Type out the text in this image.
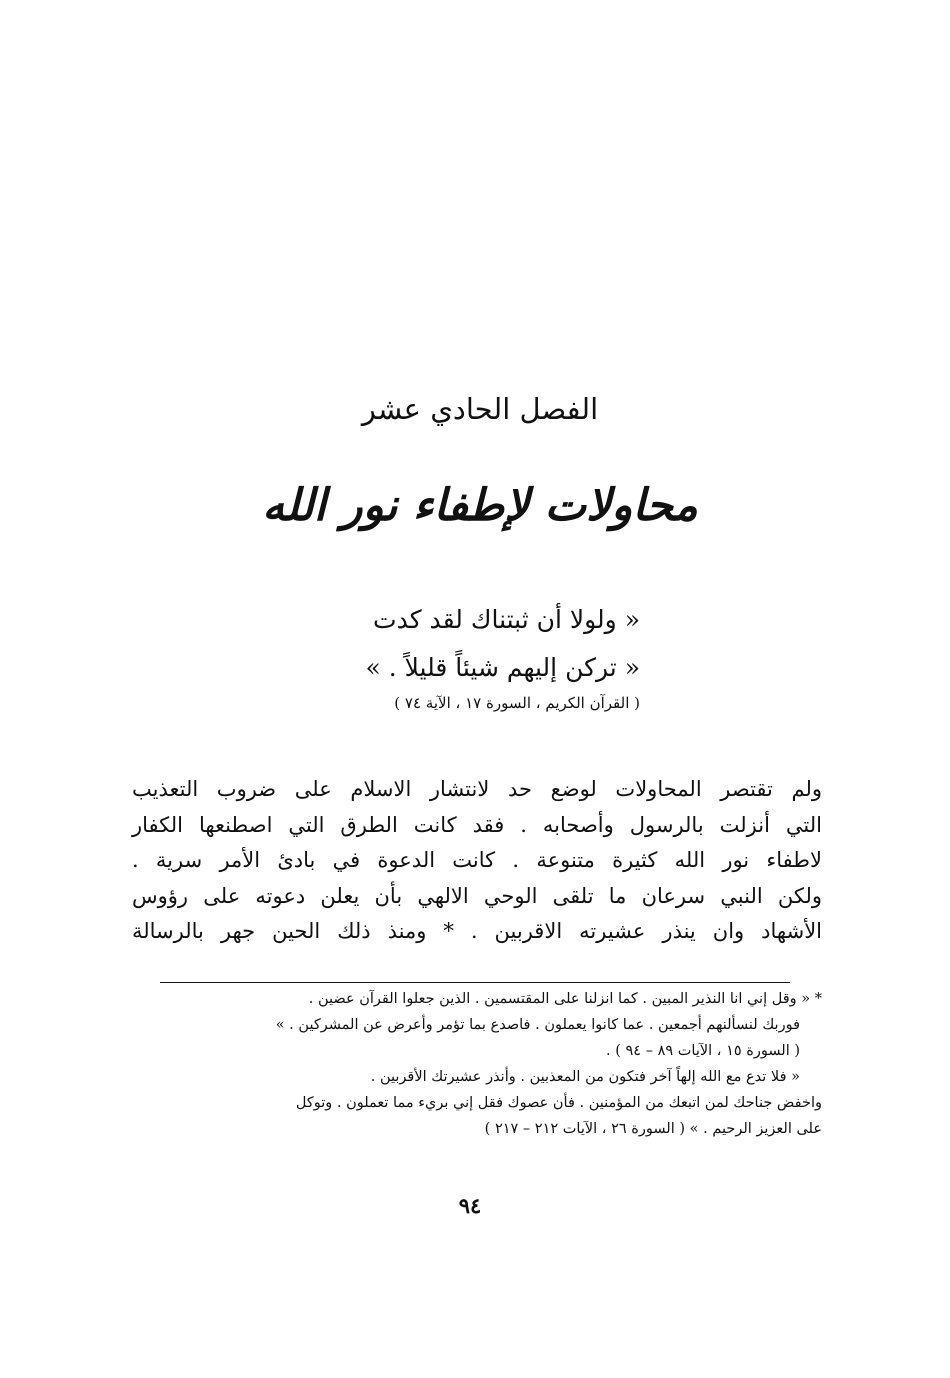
الفصل الحادي عشر
محاولات لإطفاء نور الله
« ولولا أن ثبتناك لقد كدت
« تركن إليهم شيئاً قليلاً . »
( القرآن الكريم ، السورة ١٧ ، الآية ٧٤ )
ولم تقتصر المحاولات لوضع حد لانتشار الاسلام على ضروب التعذيب
التي أنزلت بالرسول وأصحابه . فقد كانت الطرق التي اصطنعها الكفار
لاطفاء نور الله كثيرة متنوعة . كانت الدعوة في بادئ الأمر سرية .
ولكن النبي سرعان ما تلقى الوحي الالهي بأن يعلن دعوته على رؤوس
الأشهاد وان ينذر عشيرته الاقربين . * ومنذ ذلك الحين جهر بالرسالة
* « وقل إني انا النذير المبين . كما انزلنا على المقتسمين . الذين جعلوا القرآن عضين .
فوربك لنسألنهم أجمعين . عما كانوا يعملون . فاصدع بما تؤمر وأعرض عن المشركين . »
( السورة ١٥ ، الآيات ٨٩ – ٩٤ ) .
« فلا تدع مع الله إلهاً آخر فتكون من المعذبين . وأنذر عشيرتك الأقربين .
واخفض جناحك لمن اتبعك من المؤمنين . فأن عصوك فقل إني بريء مما تعملون . وتوكل
على العزيز الرحيم . » ( السورة ٢٦ ، الآيات ٢١٢ – ٢١٧ )
٩٤
